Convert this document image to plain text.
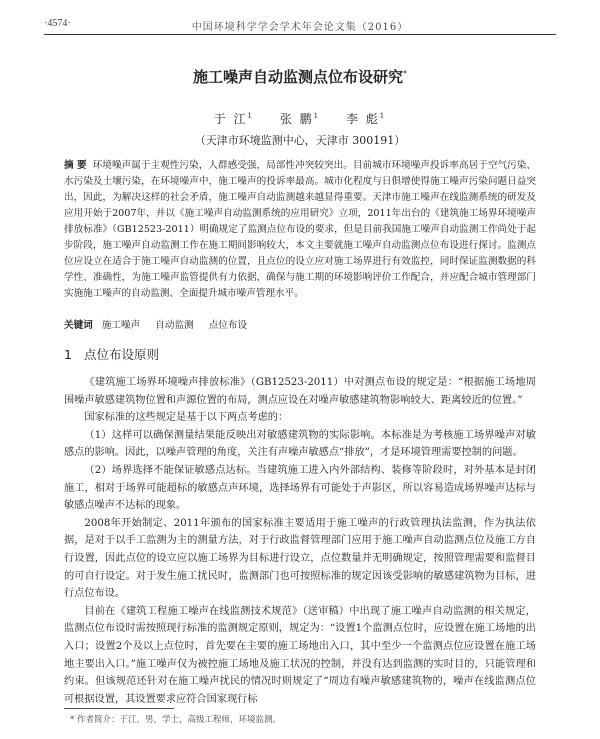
·4574·	中国环境科学学会学术年会论文集（2016）
施工噪声自动监测点位布设研究*
于 江$^1$ 张 鹏$^1$ 李 彪$^1$
（天津市环境监测中心，天津市 300191）
摘 要 环境噪声属于主观性污染，人群感受强，局部性冲突较突出。目前城市环境噪声投诉率高居于空气污染、水污染及土壤污染，在环境噪声中，施工噪声的投诉率最高。城市化程度与日俱增使得施工噪声污染问题日益突出，因此，为解决这样的社会矛盾，施工噪声自动监测越来越显得重要。天津市施工噪声在线监测系统的研发及应用开始于2007年，并以《施工噪声自动监测系统的应用研究》立项，2011年出台的《建筑施工场界环境噪声排放标准》（GB12523-2011）明确规定了监测点位布设的要求，但是目前我国施工噪声自动监测工作尚处于起步阶段，施工噪声自动监测工作在施工期间影响较大，本文主要就施工噪声自动监测点位布设进行探讨。监测点位应设立在适合于施工噪声自动监测的位置，且点位的设立应对施工场界进行有效监控，同时保证监测数据的科学性、准确性，为施工噪声监管提供有力依据，确保与施工期的环境影响评价工作配合，并应配合城市管理部门实施施工噪声的自动监测、全面提升城市噪声管理水平。
关键词 施工噪声 自动监测 点位布设
1 点位布设原则

《建筑施工场界环境噪声排放标准》（GB12523-2011）中对测点布设的规定是：“根据施工场地周围噪声敏感建筑物位置和声源位置的布局，测点应设在对噪声敏感建筑物影响较大、距离较近的位置。”

国家标准的这些规定是基于以下两点考虑的：

（1）这样可以确保测量结果能反映出对敏感建筑物的实际影响。本标准是为考核施工场界噪声对敏感点的影响。因此，以噪声管理的角度，关注有声噪声敏感点“排放”，才是环境管理需要控制的问题。

（2）场界选择不能保证敏感点达标。当建筑施工进入内外部结构、装修等阶段时，对外基本是封闭施工，相对于场界可能超标的敏感点声环境，选择场界有可能处于声影区，所以容易造成场界噪声达标与敏感点噪声不达标的现象。

2008年开始制定、2011年颁布的国家标准主要适用于施工噪声的行政管理执法监测，作为执法依据，是对于以手工监测为主的测量方法，对于行政监督管理部门应用于施工噪声自动监测点位及施工方自行设置，因此点位的设立应以施工场界为目标进行设立，点位数量并无明确规定，按照管理需要和监督目的可自行设定。对于发生施工扰民时，监测部门也可按照标准的规定因该受影响的敏感建筑物为目标，进行点位布设。

目前在《建筑工程施工噪声在线监测技术规范》（送审稿）中出现了施工噪声自动监测的相关规定，监测点位布设时需按照现行标准的监测规定原则，规定为：“设置1个监测点位时，应设置在施工场地的出入口；设置2个及以上点位时，首先要在主要的施工场地出入口，其中至少一个监测点位应设置在施工场地主要出入口。”施工噪声仅为被控施工场地及施工状况的控制，并没有达到监测的实时目的，只能管理和约束。但该规范还针对在施工噪声扰民的情况时则规定了“周边有噪声敏感建筑物的，噪声在线监测点位可根据设置，其设置要求应符合国家现行标

* 作者简介：于江，男，学士，高级工程师，环境监测。
